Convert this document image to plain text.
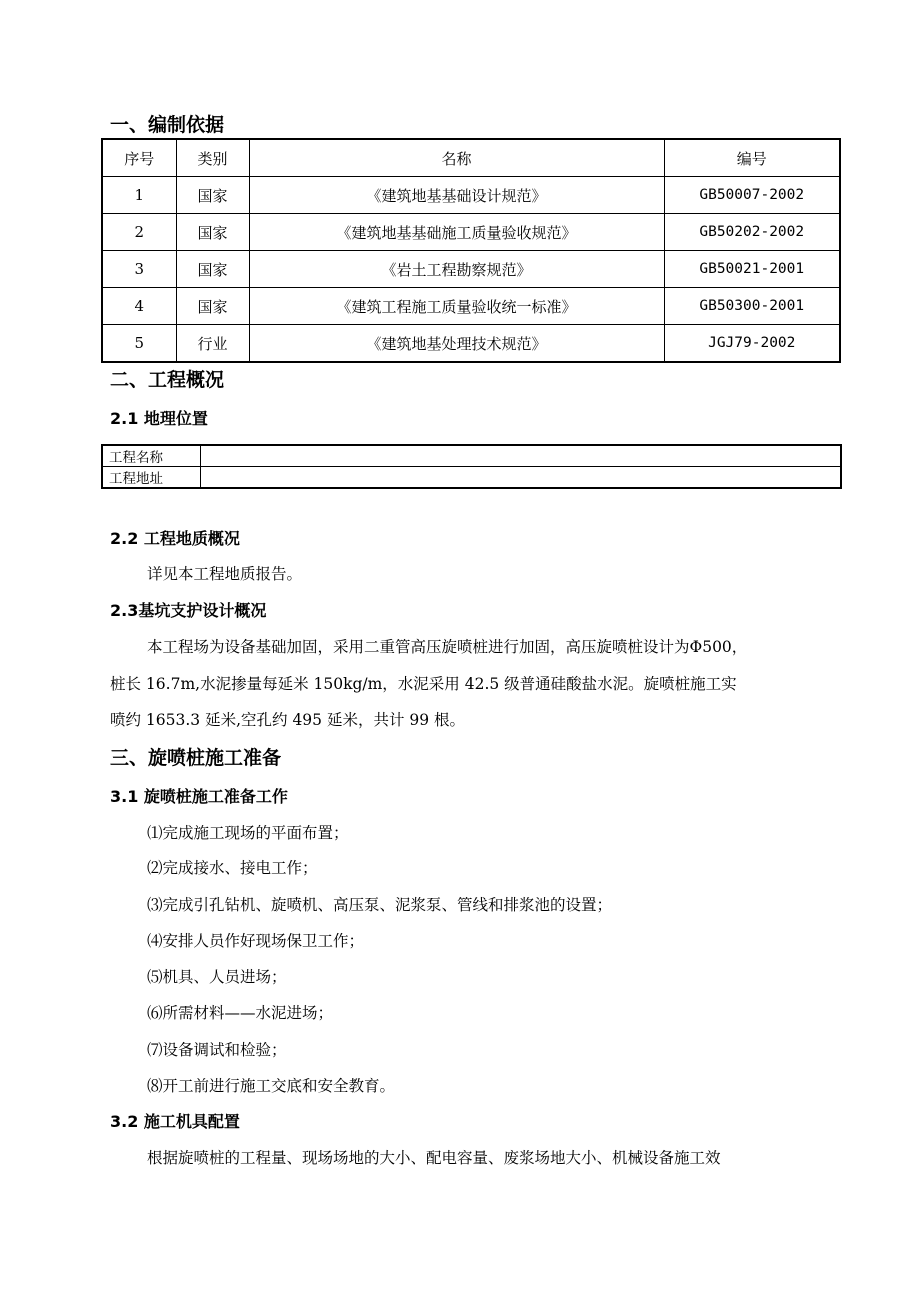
一、编制依据
序号	类别	名称	编号
1	国家	《建筑地基基础设计规范》	GB50007-2002
2	国家	《建筑地基基础施工质量验收规范》	GB50202-2002
3	国家	《岩土工程勘察规范》	GB50021-2001
4	国家	《建筑工程施工质量验收统一标准》	GB50300-2001
5	行业	《建筑地基处理技术规范》	JGJ79-2002
二、工程概况
2.1 地理位置
工程名称	
工程地址	
2.2 工程地质概况
详见本工程地质报告。
2.3基坑支护设计概况
本工程场为设备基础加固，采用二重管高压旋喷桩进行加固，高压旋喷桩设计为Φ500，
桩长 16.7m,水泥掺量每延米 150kg/m，水泥采用 42.5 级普通硅酸盐水泥。旋喷桩施工实
喷约 1653.3 延米,空孔约 495 延米，共计 99 根。
三、旋喷桩施工准备
3.1 旋喷桩施工准备工作
⑴完成施工现场的平面布置；
⑵完成接水、接电工作；
⑶完成引孔钻机、旋喷机、高压泵、泥浆泵、管线和排浆池的设置；
⑷安排人员作好现场保卫工作；
⑸机具、人员进场；
⑹所需材料——水泥进场；
⑺设备调试和检验；
⑻开工前进行施工交底和安全教育。
3.2 施工机具配置
根据旋喷桩的工程量、现场场地的大小、配电容量、废浆场地大小、机械设备施工效
